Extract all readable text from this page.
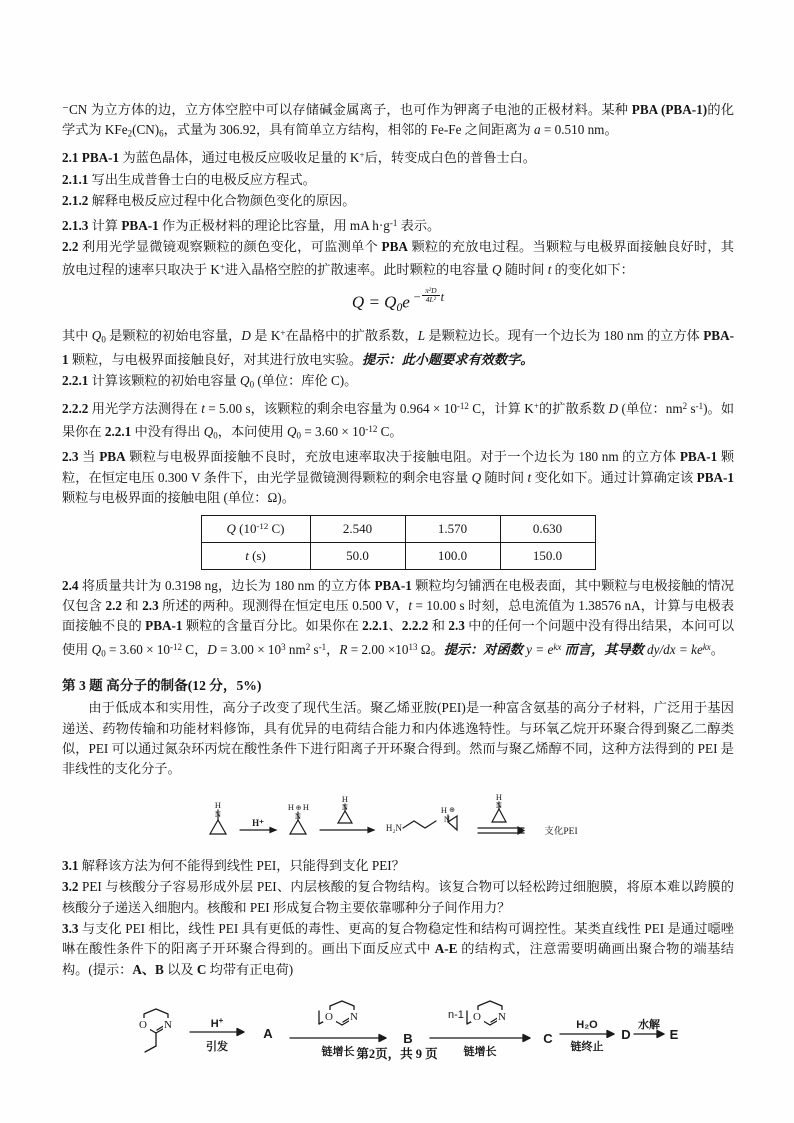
⁻CN 为立方体的边，立方体空腔中可以存储碱金属离子，也可作为钾离子电池的正极材料。某种 PBA (PBA-1)的化学式为 $KFe_2(CN)_6$，式量为 306.92，具有简单立方结构，相邻的 Fe-Fe 之间距离为 a = 0.510 nm。

2.1 PBA-1 为蓝色晶体，通过电极反应吸收足量的 K+后，转变成白色的普鲁士白。

2.1.1 写出生成普鲁士白的电极反应方程式。

2.1.2 解释电极反应过程中化合物颜色变化的原因。

2.1.3 计算 PBA-1 作为正极材料的理论比容量，用 mA $h\cdot g^{-1}$ 表示。

2.2 利用光学显微镜观察颗粒的颜色变化，可监测单个 PBA 颗粒的充放电过程。当颗粒与电极界面接触良好时，其放电过程的速率只取决于 K+进入晶格空腔的扩散速率。此时颗粒的电容量 Q 随时间 t 的变化如下：

$Q = Q_0e$ $^{- \frac{\text{π²D}}{\text{4L²}} t}$

其中 $Q_0$ 是颗粒的初始电容量，D 是 K+在晶格中的扩散系数，L 是颗粒边长。现有一个边长为 180 nm 的立方体 PBA-1 颗粒，与电极界面接触良好，对其进行放电实验。提示：此小题要求有效数字。

2.2.1 计算该颗粒的初始电容量 $Q_0$ (单位：库伦 C)。

2.2.2 用光学方法测得在 t = 5.00 s，该颗粒的剩余电容量为 $0.964 \times 10^{-12}$ C，计算 K+的扩散系数 D (单位：$nm^2$ $s^{-1}$)。如果你在 2.2.1 中没有得出 $Q_0$，本问使用 $Q_0 = 3.60 \times 10^{-12}$ C。

2.3 当 PBA 颗粒与电极界面接触不良时，充放电速率取决于接触电阻。对于一个边长为 180 nm 的立方体 PBA-1 颗粒，在恒定电压 0.300 V 条件下，由光学显微镜测得颗粒的剩余电容量 Q 随时间 t 变化如下。通过计算确定该 PBA-1 颗粒与电极界面的接触电阻 (单位：Ω)。

Q ($10^{-12}$ C)	2.540	1.570	0.630
t (s)	50.0	100.0	150.0

2.4 将质量共计为 0.3198 ng，边长为 180 nm 的立方体 PBA-1 颗粒均匀铺洒在电极表面，其中颗粒与电极接触的情况仅包含 2.2 和 2.3 所述的两种。现测得在恒定电压 0.500 V，t = 10.00 s 时刻，总电流值为 1.38576 nA，计算与电极表面接触不良的 PBA-1 颗粒的含量百分比。如果你在 2.2.1、2.2.2 和 2.3 中的任何一个问题中没有得出结果，本问可以使用 $Q_0 = 3.60 \times 10^{-12}$ C，$D = 3.00 \times 10^3$ $nm^2$ $s^{-1}$，$R = 2.00 \times 10^{13}$ Ω。提示：对函数 $y = e^{kx}$ 而言，其导数 $dy/dx = ke^{kx}$。

第 3 题 高分子的制备(12 分，5%)

由于低成本和实用性，高分子改变了现代生活。聚乙烯亚胺(PEI)是一种富含氨基的高分子材料，广泛用于基因递送、药物传输和功能材料修饰，具有优异的电荷结合能力和内体逃逸特性。与环氧乙烷开环聚合得到聚乙二醇类似，PEI 可以通过氮杂环丙烷在酸性条件下进行阳离子开环聚合得到。然而与聚乙烯醇不同，这种方法得到的 PEI 是非线性的支化分子。

H
N
H⁺
H H
⊕
N
H
N
H₂N
H ⊕
N
H
N
支化PEI

3.1 解释该方法为何不能得到线性 PEI，只能得到支化 PEI？

3.2 PEI 与核酸分子容易形成外层 PEI、内层核酸的复合物结构。该复合物可以轻松跨过细胞膜，将原本难以跨膜的核酸分子递送入细胞内。核酸和 PEI 形成复合物主要依靠哪种分子间作用力？

3.3 与支化 PEI 相比，线性 PEI 具有更低的毒性、更高的复合物稳定性和结构可调控性。某类直线性 PEI 是通过噁唑啉在酸性条件下的阳离子开环聚合得到的。画出下面反应式中 A-E 的结构式，注意需要明确画出聚合物的端基结构。(提示：A、B 以及 C 均带有正电荷)

O N
O N	O N
H+
引发
A
链增长
B
n-1
链增长
C
H₂O
链终止
D
水解
E
第2页，共 9 页
